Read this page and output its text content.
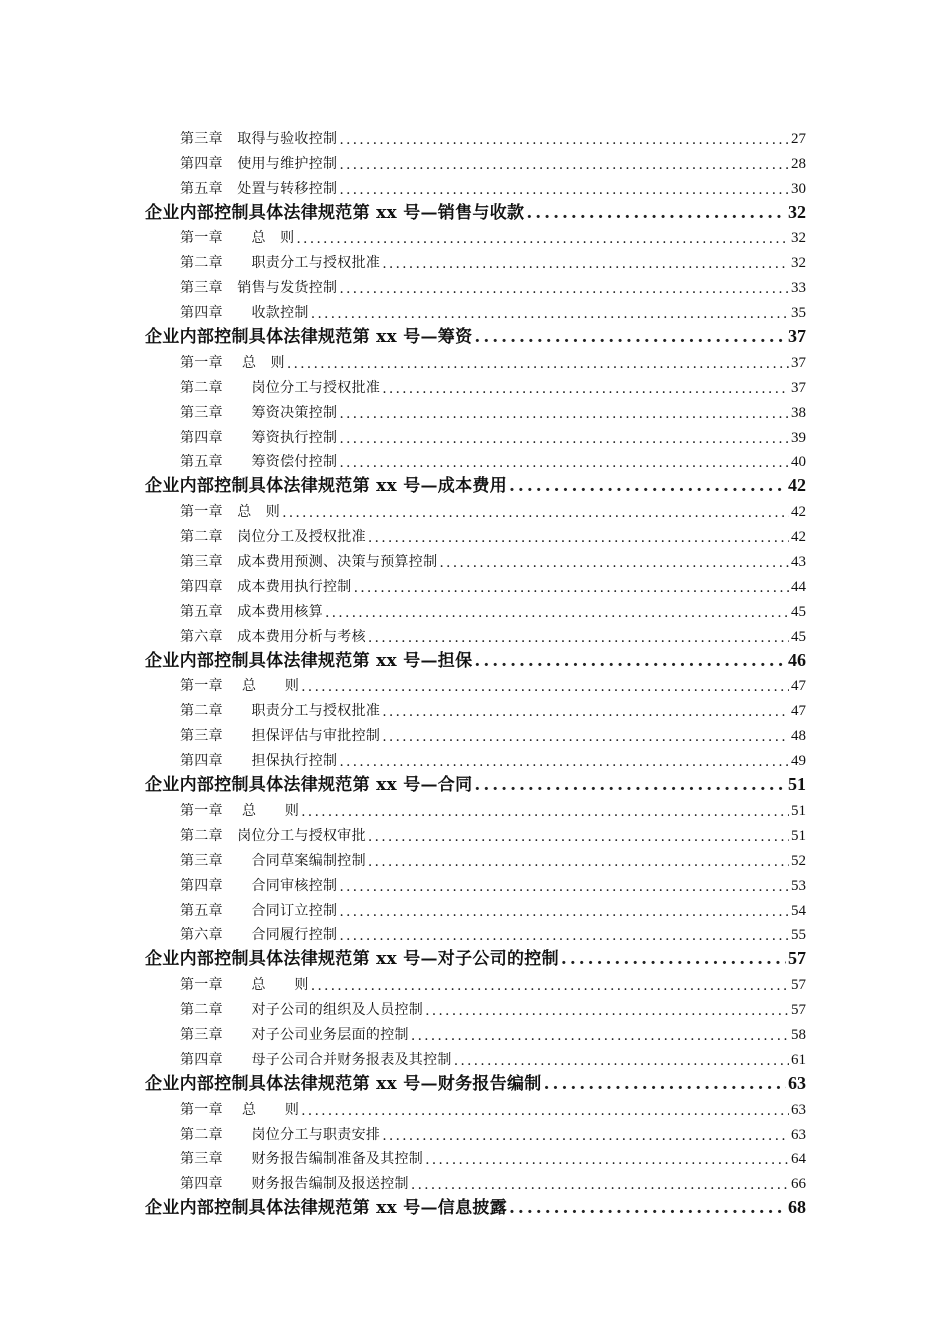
第三章　取得与验收控制 .....	27
第四章　使用与维护控制 .....	28
第五章　处置与转移控制 .....	30
企业内部控制具体法律规范第 xx 号—销售与收款 .....	32
第一章　　总　则 .....	32
第二章　　职责分工与授权批准 .....	32
第三章　销售与发货控制 .....	33
第四章　　收款控制 .....	35
企业内部控制具体法律规范第 xx 号—筹资 .....	37
第一章　 总　则 .....	37
第二章　　岗位分工与授权批准 .....	37
第三章　　筹资决策控制 .....	38
第四章　　筹资执行控制 .....	39
第五章　　筹资偿付控制 .....	40
企业内部控制具体法律规范第 xx 号—成本费用 .....	42
第一章　总　则 .....	42
第二章　岗位分工及授权批准 .....	42
第三章　成本费用预测、决策与预算控制 .....	43
第四章　成本费用执行控制 .....	44
第五章　成本费用核算 .....	45
第六章　成本费用分析与考核 .....	45
企业内部控制具体法律规范第 xx 号—担保 .....	46
第一章　 总　　则 .....	47
第二章　　职责分工与授权批准 .....	47
第三章　　担保评估与审批控制 .....	48
第四章　　担保执行控制 .....	49
企业内部控制具体法律规范第 xx 号—合同 .....	51
第一章　 总　　则 .....	51
第二章　岗位分工与授权审批 .....	51
第三章　　合同草案编制控制 .....	52
第四章　　合同审核控制 .....	53
第五章　　合同订立控制 .....	54
第六章　　合同履行控制 .....	55
企业内部控制具体法律规范第 xx 号—对子公司的控制 .....	57
第一章　　总　　则 .....	57
第二章　　对子公司的组织及人员控制 .....	57
第三章　　对子公司业务层面的控制 .....	58
第四章　　母子公司合并财务报表及其控制 .....	61
企业内部控制具体法律规范第 xx 号—财务报告编制 .....	63
第一章　 总　　则 .....	63
第二章　　岗位分工与职责安排 .....	63
第三章　　财务报告编制准备及其控制 .....	64
第四章　　财务报告编制及报送控制 .....	66
企业内部控制具体法律规范第 xx 号—信息披露 .....	68
